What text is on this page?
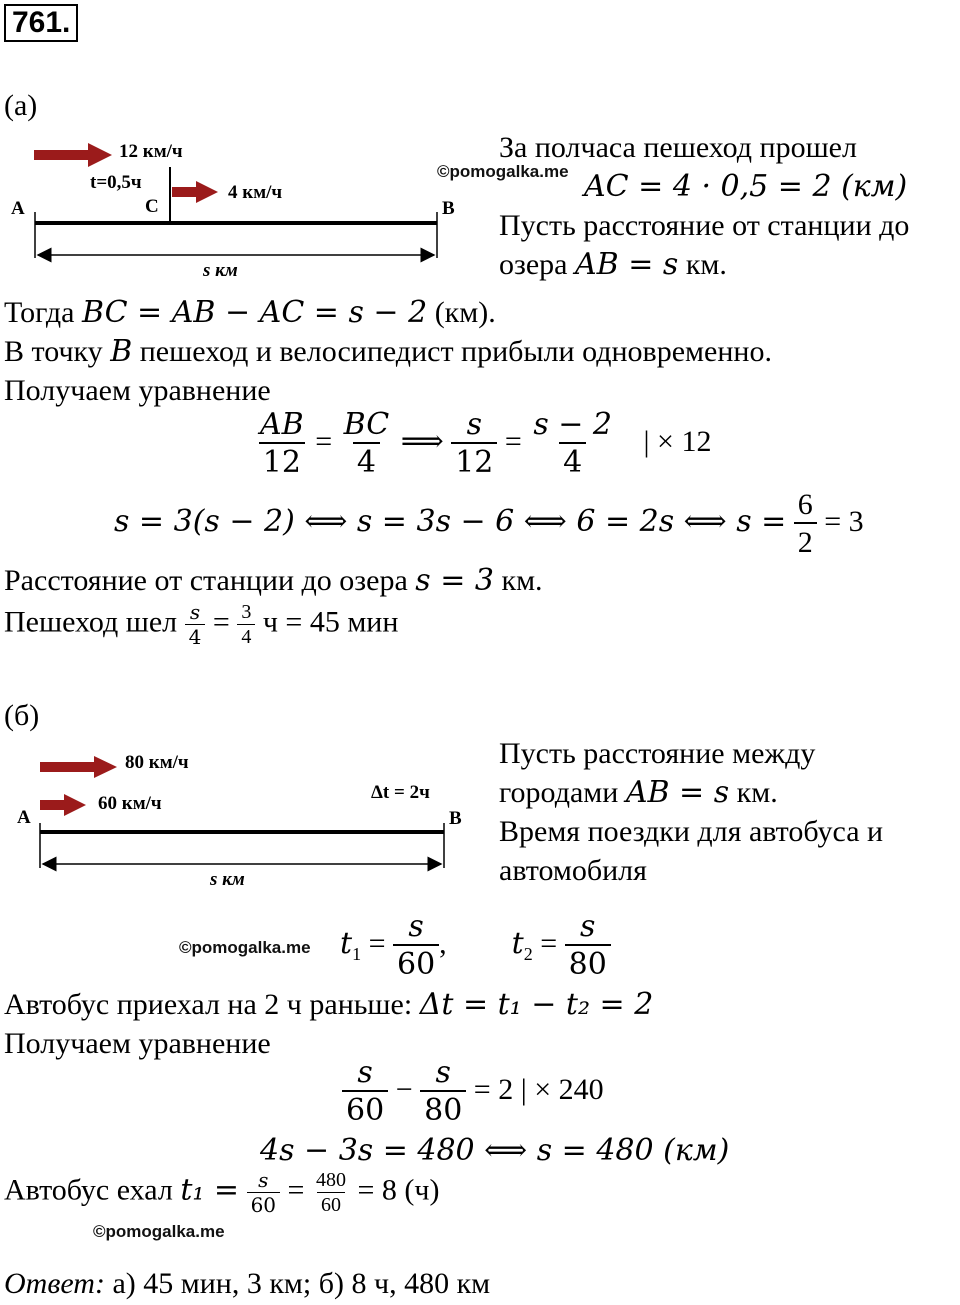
761.
(а)
12 км/ч
t=0,5ч	4 км/ч
A	C	B
s км
©pomogalka.me
За полчаса пешеход прошел
AC = 4 · 0,5 = 2 (км)
Пусть расстояние от станции до
озера AB = s км.
Тогда BC = AB − AC = s − 2 (км).
В точку B пешеход и велосипедист прибыли одновременно.
Получаем уравнение
$\frac{AB}{12} = \frac{BC}{4}$ ⟹ $\frac{s}{12} = \frac{s - 2}{4}$ | × 12
s = 3(s − 2) ⟺ s = 3s − 6 ⟺ 6 = 2s ⟺ $s = \frac{6}{2} = 3$
Расстояние от станции до озера s = 3 км.
Пешеход шел $\frac{s}{4} = \frac{3}{4}$ ч = 45 мин
(б)
80 км/ч
60 км/ч
Δt = 2ч
A	B
s км
Пусть расстояние между
городами AB = s км.
Время поездки для автобуса и
автомобиля
©pomogalka.me $t_1 = \frac{s}{60}$ ,  $t_2 = \frac{s}{80}$
Автобус приехал на 2 ч раньше: Δt = t₁ − t₂ = 2
Получаем уравнение
$\frac{s}{60} - \frac{s}{80} = 2$ | × 240
4s − 3s = 480 ⟺ s = 480 (км)
Автобус ехал $t_1 = \frac{s}{60} = \frac{480}{60} = 8$ (ч)
©pomogalka.me
Ответ: а) 45 мин, 3 км; б) 8 ч, 480 км
